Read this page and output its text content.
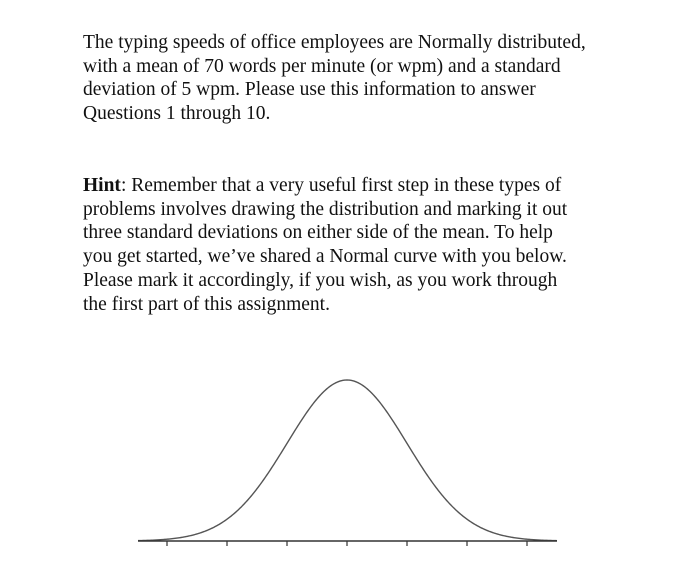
The typing speeds of office employees are Normally distributed,
with a mean of 70 words per minute (or wpm) and a standard
deviation of 5 wpm. Please use this information to answer
Questions 1 through 10.
Hint: Remember that a very useful first step in these types of
problems involves drawing the distribution and marking it out
three standard deviations on either side of the mean. To help
you get started, we’ve shared a Normal curve with you below.
Please mark it accordingly, if you wish, as you work through
the first part of this assignment.
